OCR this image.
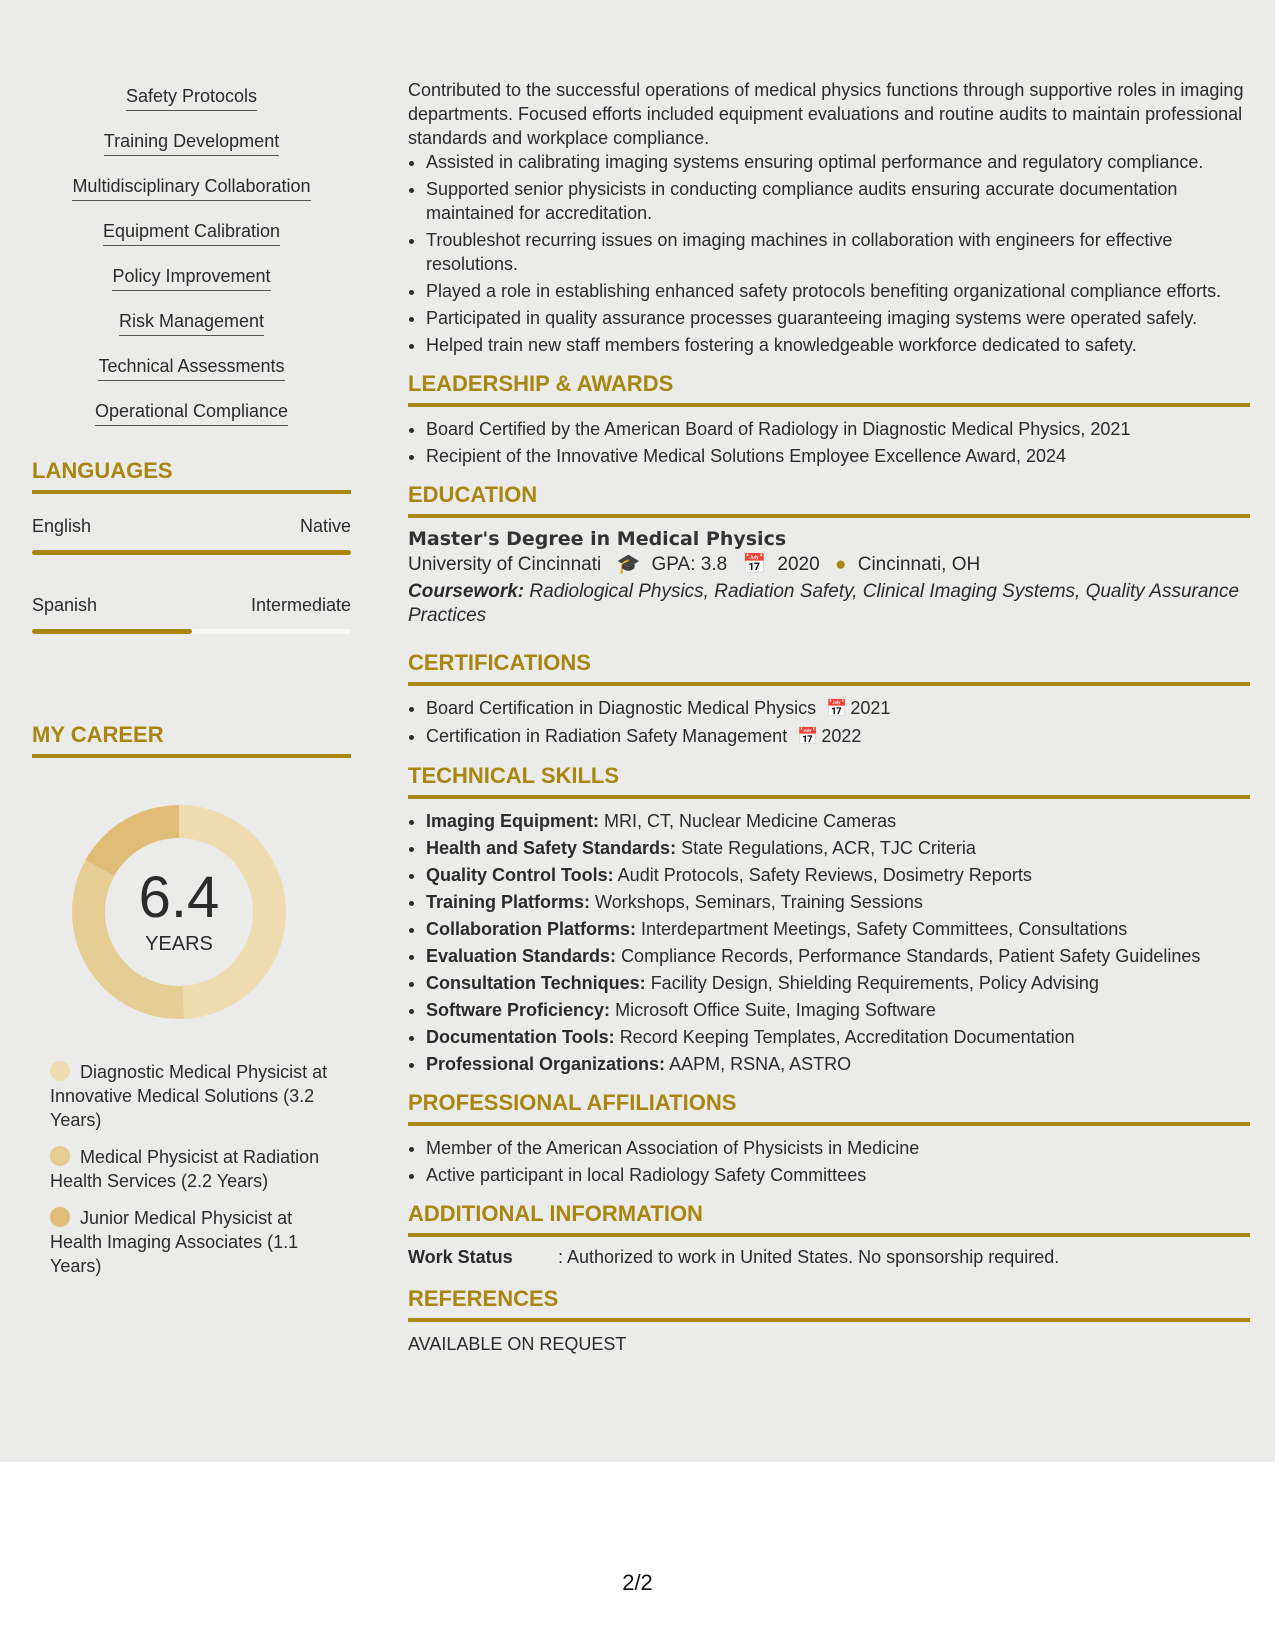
Safety Protocols
Training Development
Multidisciplinary Collaboration
Equipment Calibration
Policy Improvement
Risk Management
Technical Assessments
Operational Compliance
LANGUAGES
English	Native
Spanish	Intermediate
MY CAREER
6.4
YEARS
Diagnostic Medical Physicist at Innovative Medical Solutions (3.2 Years)
Medical Physicist at Radiation Health Services (2.2 Years)
Junior Medical Physicist at Health Imaging Associates (1.1 Years)

Contributed to the successful operations of medical physics functions through supportive roles in imaging departments. Focused efforts included equipment evaluations and routine audits to maintain professional standards and workplace compliance.

• Assisted in calibrating imaging systems ensuring optimal performance and regulatory compliance.
• Supported senior physicists in conducting compliance audits ensuring accurate documentation maintained for accreditation.
• Troubleshot recurring issues on imaging machines in collaboration with engineers for effective resolutions.
• Played a role in establishing enhanced safety protocols benefiting organizational compliance efforts.
• Participated in quality assurance processes guaranteeing imaging systems were operated safely.
• Helped train new staff members fostering a knowledgeable workforce dedicated to safety.
LEADERSHIP & AWARDS
• Board Certified by the American Board of Radiology in Diagnostic Medical Physics, 2021
• Recipient of the Innovative Medical Solutions Employee Excellence Award, 2024
EDUCATION
Master's Degree in Medical Physics
University of Cincinnati 🎓 GPA: 3.8 📅 2020 ● Cincinnati, OH
Coursework: Radiological Physics, Radiation Safety, Clinical Imaging Systems, Quality Assurance Practices
CERTIFICATIONS
• Board Certification in Diagnostic Medical Physics 📅 2021
• Certification in Radiation Safety Management 📅 2022
TECHNICAL SKILLS
• Imaging Equipment: MRI, CT, Nuclear Medicine Cameras
• Health and Safety Standards: State Regulations, ACR, TJC Criteria
• Quality Control Tools: Audit Protocols, Safety Reviews, Dosimetry Reports
• Training Platforms: Workshops, Seminars, Training Sessions
• Collaboration Platforms: Interdepartment Meetings, Safety Committees, Consultations
• Evaluation Standards: Compliance Records, Performance Standards, Patient Safety Guidelines
• Consultation Techniques: Facility Design, Shielding Requirements, Policy Advising
• Software Proficiency: Microsoft Office Suite, Imaging Software
• Documentation Tools: Record Keeping Templates, Accreditation Documentation
• Professional Organizations: AAPM, RSNA, ASTRO
PROFESSIONAL AFFILIATIONS
• Member of the American Association of Physicists in Medicine
• Active participant in local Radiology Safety Committees
ADDITIONAL INFORMATION
Work Status	: Authorized to work in United States. No sponsorship required.
REFERENCES

AVAILABLE ON REQUEST

2/2
